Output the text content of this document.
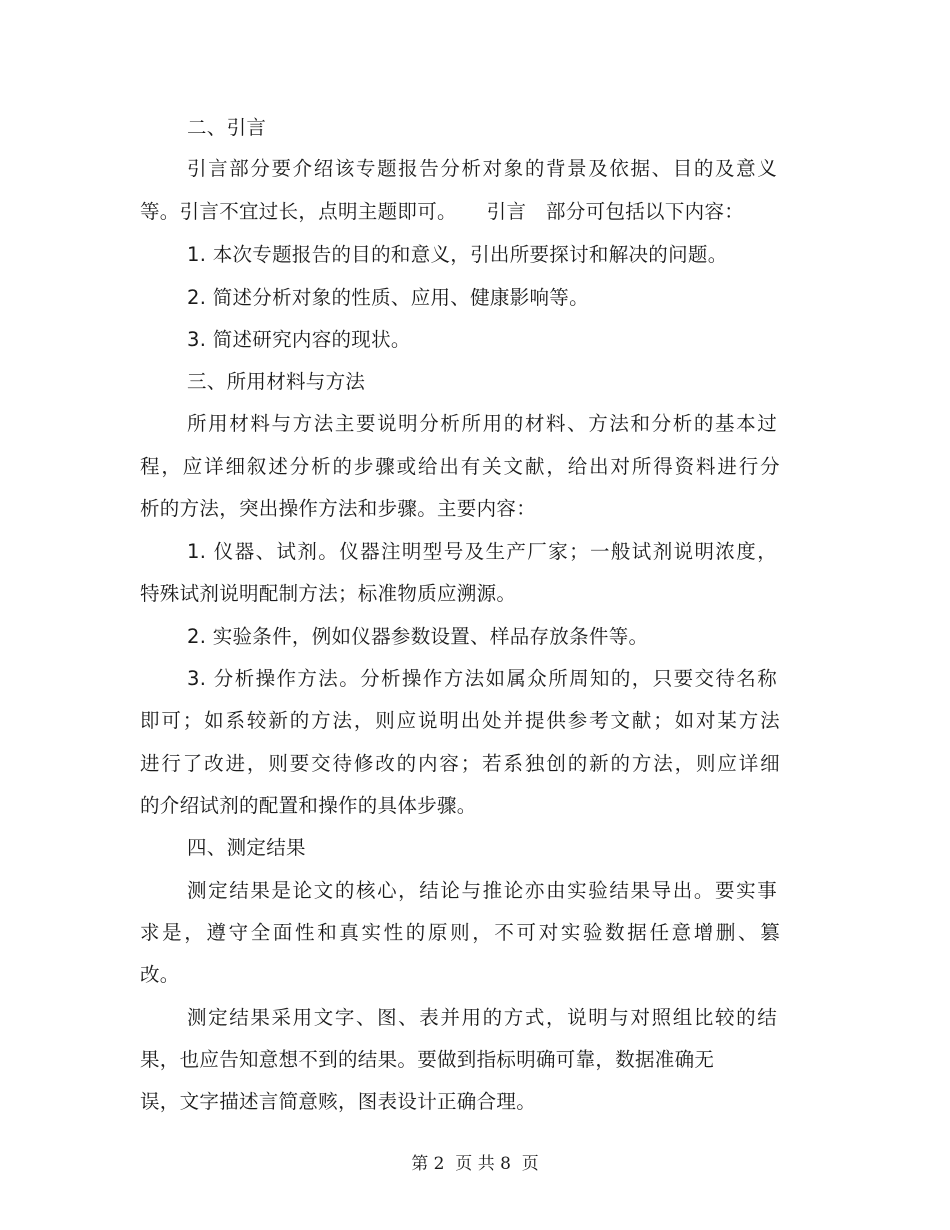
二、引言
引言部分要介绍该专题报告分析对象的背景及依据、目的及意义
等。引言不宜过长，点明主题即可。　　引言　部分可包括以下内容：
1. 本次专题报告的目的和意义，引出所要探讨和解决的问题。
2. 简述分析对象的性质、应用、健康影响等。
3. 简述研究内容的现状。
三、所用材料与方法
所用材料与方法主要说明分析所用的材料、方法和分析的基本过
程，应详细叙述分析的步骤或给出有关文献，给出对所得资料进行分
析的方法，突出操作方法和步骤。主要内容：
1. 仪器、试剂。仪器注明型号及生产厂家；一般试剂说明浓度，
特殊试剂说明配制方法；标准物质应溯源。
2. 实验条件，例如仪器参数设置、样品存放条件等。
3. 分析操作方法。分析操作方法如属众所周知的，只要交待名称
即可；如系较新的方法，则应说明出处并提供参考文献；如对某方法
进行了改进，则要交待修改的内容；若系独创的新的方法，则应详细
的介绍试剂的配置和操作的具体步骤。
四、测定结果
测定结果是论文的核心，结论与推论亦由实验结果导出。要实事
求是，遵守全面性和真实性的原则，不可对实验数据任意增删、篡
改。
测定结果采用文字、图、表并用的方式，说明与对照组比较的结
果，也应告知意想不到的结果。要做到指标明确可靠，数据准确无
误，文字描述言简意赅，图表设计正确合理。
第 2  页 共 8  页
